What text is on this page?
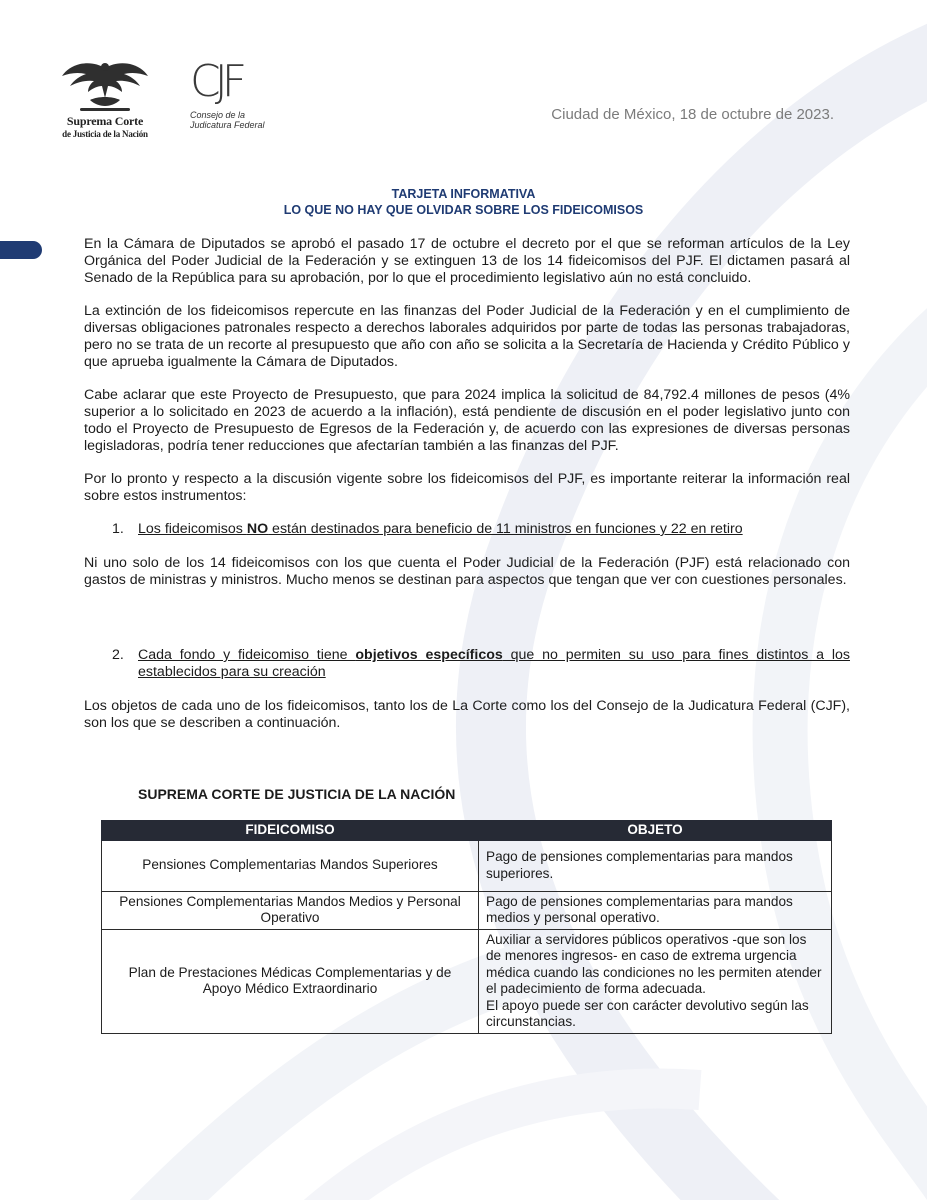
Suprema Corte
de Justicia de la Nación
CJF
Consejo de la
Judicatura Federal
Ciudad de México, 18 de octubre de 2023.
TARJETA INFORMATIVA
LO QUE NO HAY QUE OLVIDAR SOBRE LOS FIDEICOMISOS

En la Cámara de Diputados se aprobó el pasado 17 de octubre el decreto por el que se reforman artículos de la Ley Orgánica del Poder Judicial de la Federación y se extinguen 13 de los 14 fideicomisos del PJF. El dictamen pasará al Senado de la República para su aprobación, por lo que el procedimiento legislativo aún no está concluido.

La extinción de los fideicomisos repercute en las finanzas del Poder Judicial de la Federación y en el cumplimiento de diversas obligaciones patronales respecto a derechos laborales adquiridos por parte de todas las personas trabajadoras, pero no se trata de un recorte al presupuesto que año con año se solicita a la Secretaría de Hacienda y Crédito Público y que aprueba igualmente la Cámara de Diputados.

Cabe aclarar que este Proyecto de Presupuesto, que para 2024 implica la solicitud de 84,792.4 millones de pesos (4% superior a lo solicitado en 2023 de acuerdo a la inflación), está pendiente de discusión en el poder legislativo junto con todo el Proyecto de Presupuesto de Egresos de la Federación y, de acuerdo con las expresiones de diversas personas legisladoras, podría tener reducciones que afectarían también a las finanzas del PJF.

Por lo pronto y respecto a la discusión vigente sobre los fideicomisos del PJF, es importante reiterar la información real sobre estos instrumentos:

1. Los fideicomisos NO están destinados para beneficio de 11 ministros en funciones y 22 en retiro

Ni uno solo de los 14 fideicomisos con los que cuenta el Poder Judicial de la Federación (PJF) está relacionado con gastos de ministras y ministros. Mucho menos se destinan para aspectos que tengan que ver con cuestiones personales.

2. Cada fondo y fideicomiso tiene objetivos específicos que no permiten su uso para fines distintos a los establecidos para su creación

Los objetos de cada uno de los fideicomisos, tanto los de La Corte como los del Consejo de la Judicatura Federal (CJF), son los que se describen a continuación.

SUPREMA CORTE DE JUSTICIA DE LA NACIÓN
FIDEICOMISO	OBJETO
Pensiones Complementarias Mandos Superiores	Pago de pensiones complementarias para mandos superiores.
Pensiones Complementarias Mandos Medios y Personal Operativo	Pago de pensiones complementarias para mandos medios y personal operativo.
Plan de Prestaciones Médicas Complementarias y de Apoyo Médico Extraordinario	Auxiliar a servidores públicos operativos -que son los de menores ingresos- en caso de extrema urgencia médica cuando las condiciones no les permiten atender el padecimiento de forma adecuada.
El apoyo puede ser con carácter devolutivo según las circunstancias.
